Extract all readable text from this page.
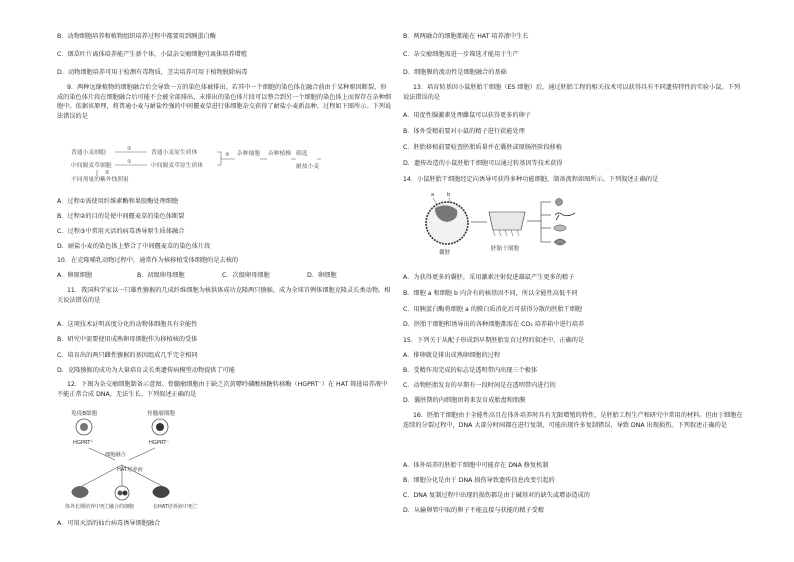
B．动物细胞培养和植物组织培养过程中都要用到胰蛋白酶
C．烟草叶片离体培养能产生新个体，小鼠杂交瘤细胞可离体培养增殖
D．动物细胞培养可用于检测有毒物质，茎尖培养可用于植物脱除病毒
9．两种远缘植物的细胞融合后会导致一方的染色体被排出。若其中一个细胞的染色体在融合前由于某种原因断裂，形成的染色体片段在细胞融合后可能不会被全部排出，未排出的染色体片段可以整合到另一个细胞的染色体上而留存在杂种细胞中。依据该原理，将普通小麦与耐盐性强的中间偃麦草进行体细胞杂交获得了耐盐小麦新品种，过程如下图所示。下列说法错误的是
普通小麦细胞
中间偃麦草细胞
不同剂量的紫外线照射
①
①
②
普通小麦原生质体
中间偃麦草原生质体
③ 杂种细胞 杂种植株 筛选
耐盐小麦
A．过程①需使用纤维素酶和果胶酶处理细胞
B．过程②的目的是使中间偃麦草的染色体断裂
C．过程③中常用灭活的病毒诱导原生质体融合
D．耐盐小麦的染色体上整合了中间偃麦草的染色体片段
10．在克隆哺乳动物过程中，通常作为核移植受体细胞的是去核的
A．卵原细胞	B．初级卵母细胞	C．次级卵母细胞	D．卵细胞
11．我国科学家以一只雄性猕猴的几成纤维细胞为核供体成功克隆两只猕猴，成为全球首例体细胞克隆灵长类动物。相关说法错误的是
A．这项技术证明高度分化的动物体细胞具有全能性
B．研究中需要使用成熟卵母细胞作为移植核的受体
C．培育出的两只雌性猕猴的基因组成几乎完全相同
D．克隆猕猴的成功为大量培育灵长类遗传病模型动物提供了可能
12．下图为杂交瘤细胞制备示意图。骨髓瘤细胞由于缺乏次黄嘌呤磷酸核糖转移酶（HGPRT⁻）在 HAT 筛选培养液中不能正常合成 DNA，无法生长。下列叙述正确的是
免疫B细胞	骨髓瘤细胞
HGPRT⁺	HGPRT⁻
细胞融合
HAT培养液
体外长期培养中死亡
融合的细胞	在HAT培养液中死亡
A．可用灭活的仙台病毒诱导细胞融合
B．两两融合的细胞都能在 HAT 培养液中生长
C．杂交瘤细胞需进一步筛选才能用于生产
D．细胞膜的流动性是细胞融合的基础
13．培育转基因小鼠胚胎干细胞（ES 细胞）后，通过胚胎工程的相关技术可以获得具有不同遗传特性的实验小鼠。下列说法错误的是
A．用促性腺激素处理雌鼠可以获得更多的卵子
B．体外受精前要对小鼠的精子进行获能处理
C．胚胎移植前要检查胚胎质量并在囊胚或原肠胚阶段移植
D．遗传改造的小鼠胚胎干细胞可以通过转基因等技术获得
14．小鼠胚胎干细胞经定向诱导可获得多种功能细胞，制备流程如图所示。下列叙述正确的是
a b
囊胚
胚胎干细胞
A．为获得更多的囊胚，采用激素注射促进雄鼠产生更多的精子
B．细胞 a 和细胞 b 内含有的核基因不同，所以全能性高低不同
C．用胰蛋白酶将细胞 a 的膜白质消化后可获得分散的胚胎干细胞
D．胚胎干细胞和诱导出的各种细胞都需在 CO₂ 培养箱中进行培养
15．下列关于从配子形成到早期胚胎发育过程的叙述中，正确的是
A．排卵就是排出成熟卵细胞的过程
B．受精作用完成的标志是透明带内出现三个极体
C．动物胚胎发育的早期有一段时间是在透明带内进行的
D．囊胚期的内细胞团将来发育成胎盘和胎膜
16．胚胎干细胞由于全能性高且在体外培养时具有无限增殖的特性，是胚胎工程生产和研究中常用的材料。但由于细胞在连续的分裂过程中，DNA 大部分时间都在进行复制，可能出现许多复制错误，导致 DNA 出现损伤。下列叙述正确的是
A．体外培养的胚胎干细胞中可能存在 DNA 修复机制
B．细胞分化是由于 DNA 损伤导致遗传信息改变引起的
C．DNA 复制过程中出现的损伤都是由于碱基对的缺失或增添造成的
D．从输卵管中取的卵子不能直接与获能的精子受精
